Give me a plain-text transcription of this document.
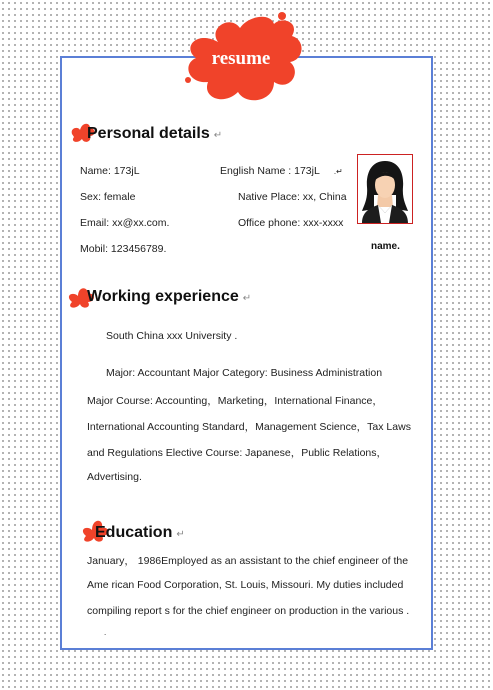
resume
Personal details ↵
Name: 173jL	English Name : 173jL .↵
Sex: female	Native Place: xx, China
Email: xx@xx.com.	Office phone: xxx-xxxx
Mobil: 123456789.	name.
Working experience ↵
South China xxx University .
Major: Accountant Major Category: Business Administration
Major Course: Accounting，Marketing，International Finance，
International Accounting Standard，Management Science，Tax Laws
and Regulations Elective Course: Japanese，Public Relations，
Advertising.
Education ↵
January， 1986Employed as an assistant to the chief engineer of the
Ame rican Food Corporation, St. Louis, Missouri. My duties included
compiling report s for the chief engineer on production in the various .
.
